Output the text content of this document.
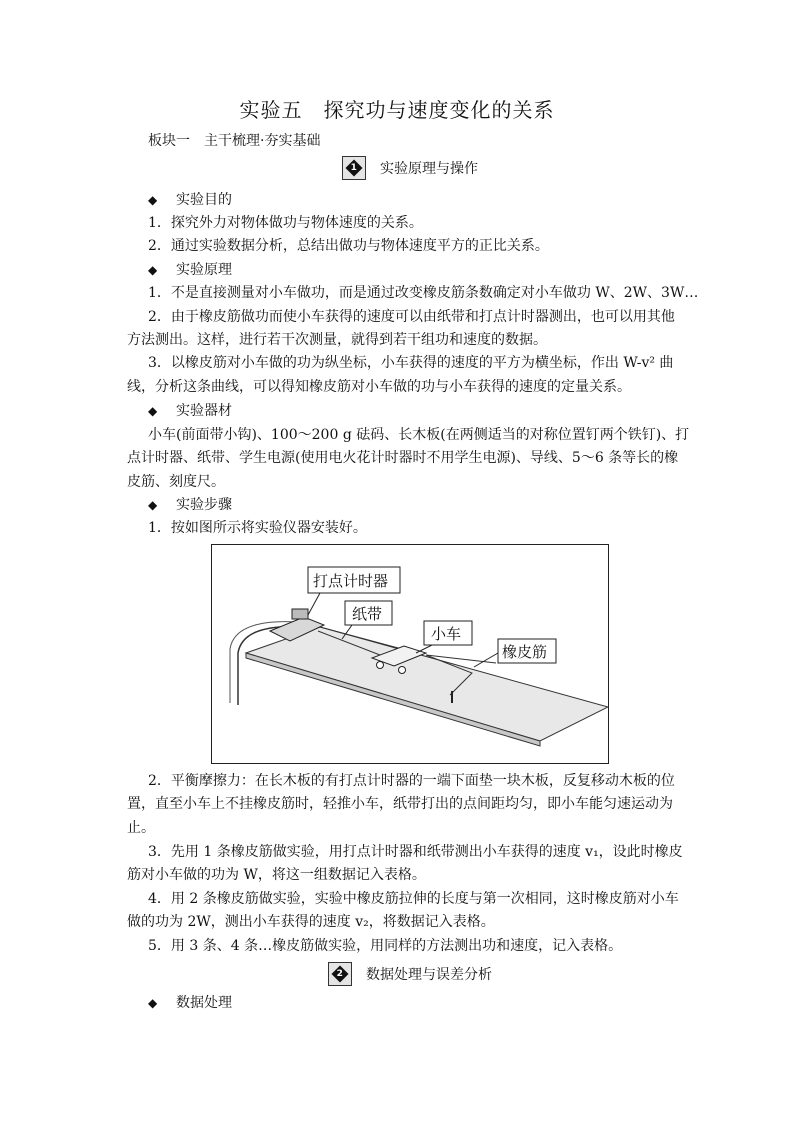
实验五　探究功与速度变化的关系
板块一　主干梳理·夯实基础
1 实验原理与操作
◆ 实验目的
1．探究外力对物体做功与物体速度的关系。
2．通过实验数据分析，总结出做功与物体速度平方的正比关系。
◆ 实验原理
1．不是直接测量对小车做功，而是通过改变橡皮筋条数确定对小车做功 W、2W、3W…
2．由于橡皮筋做功而使小车获得的速度可以由纸带和打点计时器测出，也可以用其他
方法测出。这样，进行若干次测量，就得到若干组功和速度的数据。
3．以橡皮筋对小车做的功为纵坐标，小车获得的速度的平方为横坐标，作出 W-v² 曲
线，分析这条曲线，可以得知橡皮筋对小车做的功与小车获得的速度的定量关系。
◆ 实验器材
小车(前面带小钩)、100～200 g 砝码、长木板(在两侧适当的对称位置钉两个铁钉)、打
点计时器、纸带、学生电源(使用电火花计时器时不用学生电源)、导线、5～6 条等长的橡
皮筋、刻度尺。
◆ 实验步骤
1．按如图所示将实验仪器安装好。
打点计时器
纸带
小车
橡皮筋
2．平衡摩擦力：在长木板的有打点计时器的一端下面垫一块木板，反复移动木板的位
置，直至小车上不挂橡皮筋时，轻推小车，纸带打出的点间距均匀，即小车能匀速运动为
止。
3．先用 1 条橡皮筋做实验，用打点计时器和纸带测出小车获得的速度 v₁，设此时橡皮
筋对小车做的功为 W，将这一组数据记入表格。
4．用 2 条橡皮筋做实验，实验中橡皮筋拉伸的长度与第一次相同，这时橡皮筋对小车
做的功为 2W，测出小车获得的速度 v₂，将数据记入表格。
5．用 3 条、4 条…橡皮筋做实验，用同样的方法测出功和速度，记入表格。
2 数据处理与误差分析
◆ 数据处理
